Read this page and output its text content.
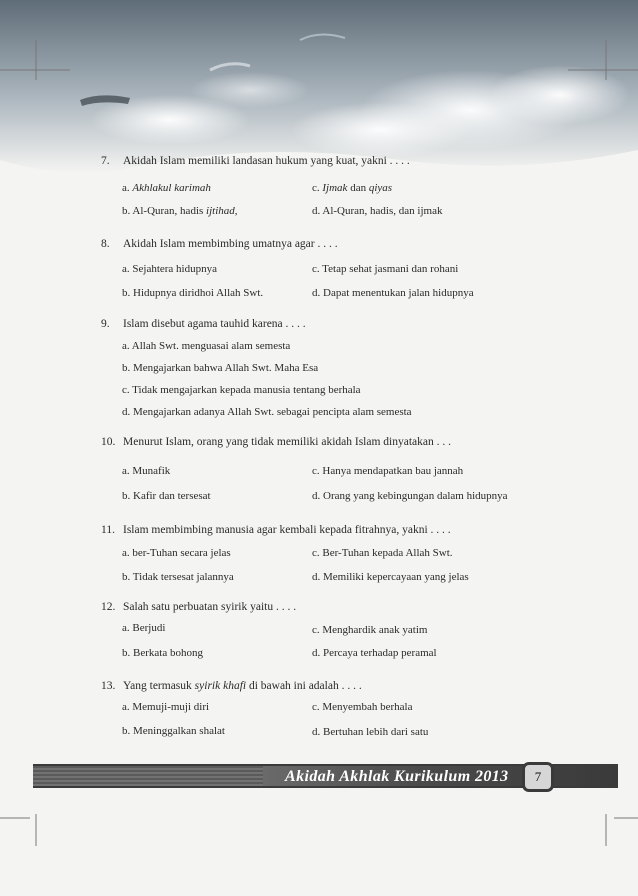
7. Akidah Islam memiliki landasan hukum yang kuat, yakni . . . .
a. Akhlakul karimah	c. Ijmak dan qiyas
b. Al-Quran, hadis ijtihad,	d. Al-Quran, hadis, dan ijmak
8. Akidah Islam membimbing umatnya agar . . . .
a. Sejahtera hidupnya	c. Tetap sehat jasmani dan rohani
b. Hidupnya diridhoi Allah Swt.	d. Dapat menentukan jalan hidupnya
9. Islam disebut agama tauhid karena . . . .
a. Allah Swt. menguasai alam semesta
b. Mengajarkan bahwa Allah Swt. Maha Esa
c. Tidak mengajarkan kepada manusia tentang berhala
d. Mengajarkan adanya Allah Swt. sebagai pencipta alam semesta
10. Menurut Islam, orang yang tidak memiliki akidah Islam dinyatakan . . .
a. Munafik	c. Hanya mendapatkan bau jannah
b. Kafir dan tersesat	d. Orang yang kebingungan dalam hidupnya
11. Islam membimbing manusia agar kembali kepada fitrahnya, yakni . . . .
a. ber-Tuhan secara jelas	c. Ber-Tuhan kepada Allah Swt.
b. Tidak tersesat jalannya	d. Memiliki kepercayaan yang jelas
12. Salah satu perbuatan syirik yaitu . . . .
a. Berjudi	c. Menghardik anak yatim
b. Berkata bohong	d. Percaya terhadap peramal
13. Yang termasuk syirik khafi di bawah ini adalah . . . .
a. Memuji-muji diri	c. Menyembah berhala
b. Meninggalkan shalat	d. Bertuhan lebih dari satu
Akidah Akhlak Kurikulum 2013	7
